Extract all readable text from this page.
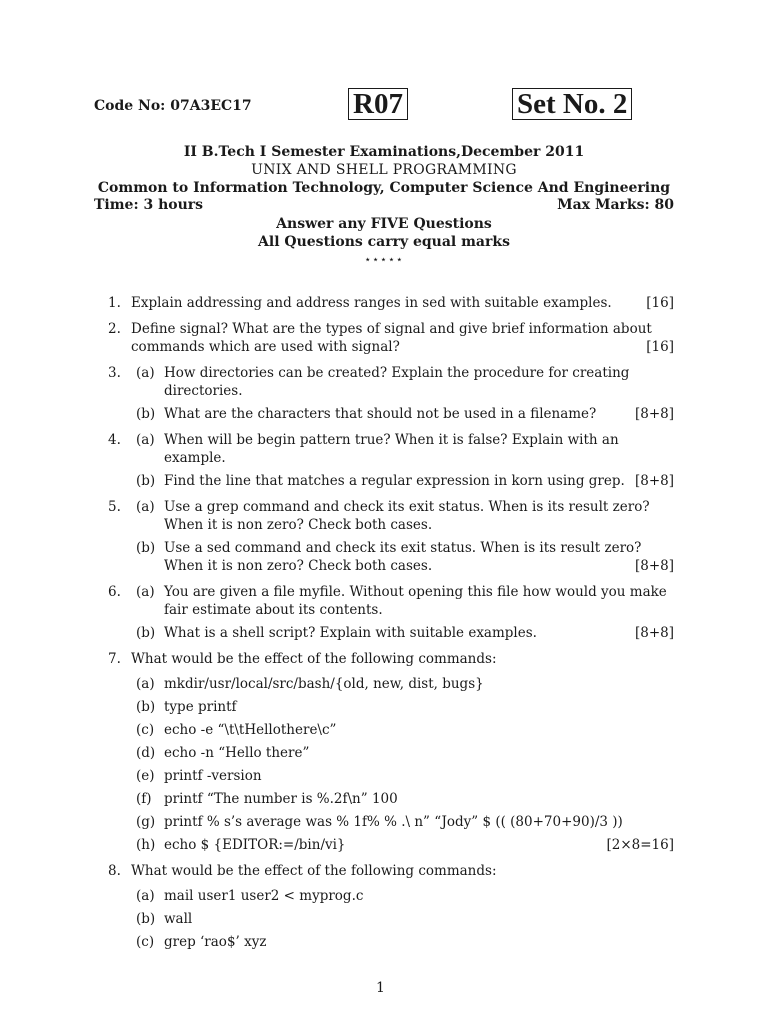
Code No: 07A3EC17	R07	Set No. 2
II B.Tech I Semester Examinations,December 2011
UNIX AND SHELL PROGRAMMING
Common to Information Technology, Computer Science And Engineering
Time: 3 hours	Max Marks: 80
Answer any FIVE Questions
All Questions carry equal marks
⋆⋆⋆⋆⋆
1.	[16]
Explain addressing and address ranges in sed with suitable examples.
2.
[16]
Define signal? What are the types of signal and give brief information about commands which are used with signal?
3. (a) How directories can be created? Explain the procedure for creating directories.
(b)	[8+8]
What are the characters that should not be used in a filename?
4. (a) When will be begin pattern true? When it is false? Explain with an example.
(b)	[8+8]
Find the line that matches a regular expression in korn using grep.
5. (a) Use a grep command and check its exit status. When is its result zero? When it is non zero? Check both cases.
(b)
[8+8]
Use a sed command and check its exit status. When is its result zero? When it is non zero? Check both cases.
6. (a) You are given a file myfile. Without opening this file how would you make fair estimate about its contents.
(b)	[8+8]
What is a shell script? Explain with suitable examples.
7. What would be the effect of the following commands:
(a) mkdir/usr/local/src/bash/{old, new, dist, bugs}
(b) type printf
(c) echo -e “\t\tHellothere\c”
(d) echo -n “Hello there”
(e) printf -version
(f) printf “The number is %.2f\n” 100
(g) printf % s’s average was % 1f% % .\ n” “Jody” $ (( (80+70+90)/3 ))
(h)	[2×8=16]
echo $ {EDITOR:=/bin/vi}
8. What would be the effect of the following commands:
(a) mail user1 user2 < myprog.c
(b) wall
(c) grep ‘rao$’ xyz
1
